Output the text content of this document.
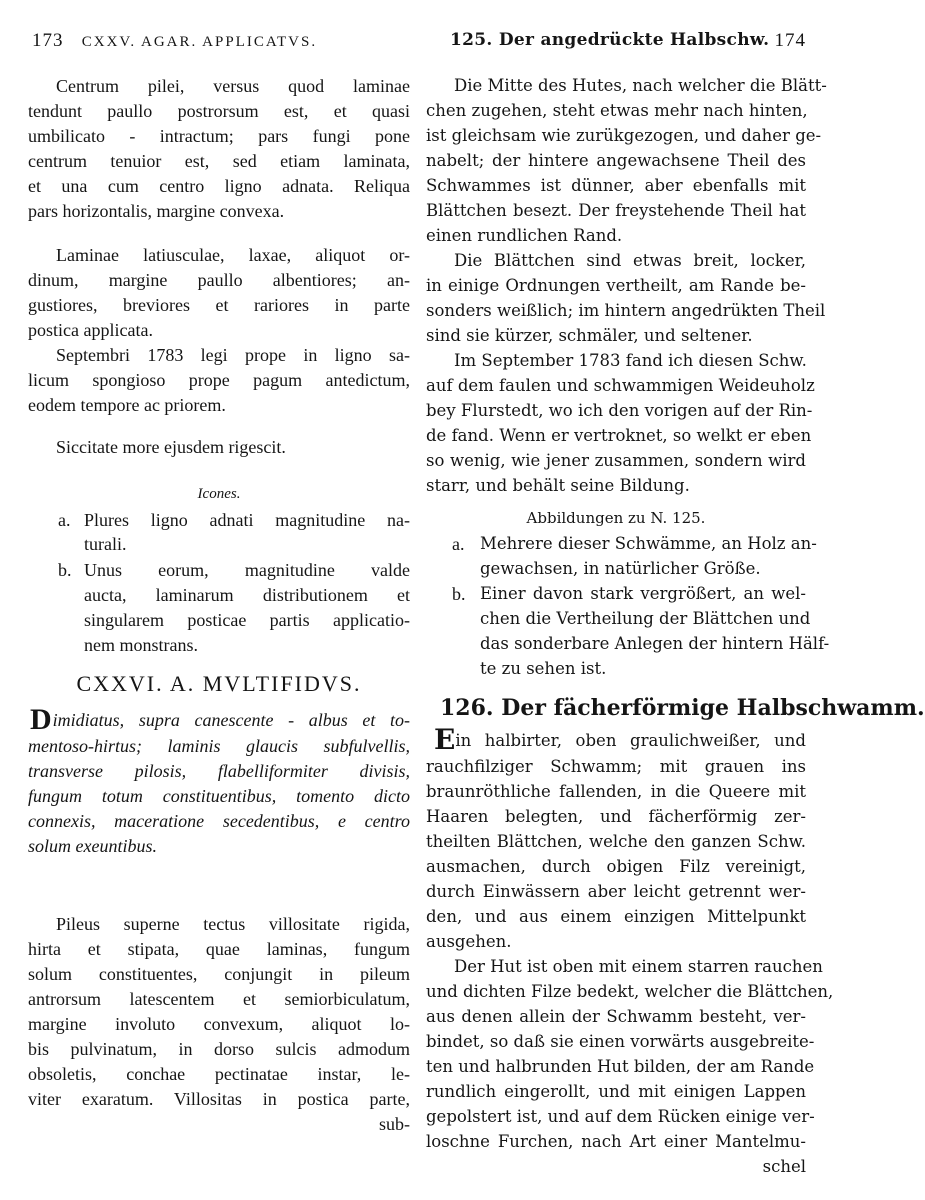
173 CXXV. AGAR. APPLICATVS.
Centrum pilei, versus quod laminae
tendunt paullo postrorsum est, et quasi
umbilicato - intractum; pars fungi pone
centrum tenuior est, sed etiam laminata,
et una cum centro ligno adnata. Reliqua
pars horizontalis, margine convexa.
Laminae latiusculae, laxae, aliquot or-
dinum, margine paullo albentiores; an-
gustiores, breviores et rariores in parte
postica applicata.
Septembri 1783 legi prope in ligno sa-
licum spongioso prope pagum antedictum,
eodem tempore ac priorem.
Siccitate more ejusdem rigescit.
Icones.
Plures ligno adnati magnitudine na-
a.
turali.
b. Unus eorum, magnitudine valde
aucta, laminarum distributionem et
singularem posticae partis applicatio-
nem monstrans.
CXXVI. A. MVLTIFIDVS.
Dimidiatus, supra canescente - albus et to-
mentoso-hirtus; laminis glaucis subfulvellis,
transverse pilosis, flabelliformiter divisis,
fungum totum constituentibus, tomento dicto
connexis, maceratione secedentibus, e centro
solum exeuntibus.
Pileus superne tectus villositate rigida,
hirta et stipata, quae laminas, fungum
solum constituentes, conjungit in pileum
antrorsum latescentem et semiorbiculatum,
margine involuto convexum, aliquot lo-
bis pulvinatum, in dorso sulcis admodum
obsoletis, conchae pectinatae instar, le-
viter exaratum. Villositas in postica parte,
sub-
125. Der angedrückte Halbschw. 174
Die Mitte des Hutes, nach welcher die Blätt-
chen zugehen, steht etwas mehr nach hinten,
ist gleichsam wie zurükgezogen, und daher ge-
nabelt; der hintere angewachsene Theil des
Schwammes ist dünner, aber ebenfalls mit
Blättchen besezt. Der freystehende Theil hat
einen rundlichen Rand.
Die Blättchen sind etwas breit, locker,
in einige Ordnungen vertheilt, am Rande be-
sonders weißlich; im hintern angedrükten Theil
sind sie kürzer, schmäler, und seltener.
Im September 1783 fand ich diesen Schw.
auf dem faulen und schwammigen Weideuholz
bey Flurstedt, wo ich den vorigen auf der Rin-
de fand. Wenn er vertroknet, so welkt er eben
so wenig, wie jener zusammen, sondern wird
starr, und behält seine Bildung.
Abbildungen zu N. 125.
a. Mehrere dieser Schwämme, an Holz an-
gewachsen, in natürlicher Größe.
b. Einer davon stark vergrößert, an wel-
chen die Vertheilung der Blättchen und
das sonderbare Anlegen der hintern Hälf-
te zu sehen ist.
126. Der fächerförmige Halbschwamm.
Ein halbirter, oben graulichweißer, und
rauchfilziger Schwamm; mit grauen ins
braunröthliche fallenden, in die Queere mit
Haaren belegten, und fächerförmig zer-
theilten Blättchen, welche den ganzen Schw.
ausmachen, durch obigen Filz vereinigt,
durch Einwässern aber leicht getrennt wer-
den, und aus einem einzigen Mittelpunkt
ausgehen.
Der Hut ist oben mit einem starren rauchen
und dichten Filze bedekt, welcher die Blättchen,
aus denen allein der Schwamm besteht, ver-
bindet, so daß sie einen vorwärts ausgebreite-
ten und halbrunden Hut bilden, der am Rande
rundlich eingerollt, und mit einigen Lappen
gepolstert ist, und auf dem Rücken einige ver-
loschne Furchen, nach Art einer Mantelmu-
schel
